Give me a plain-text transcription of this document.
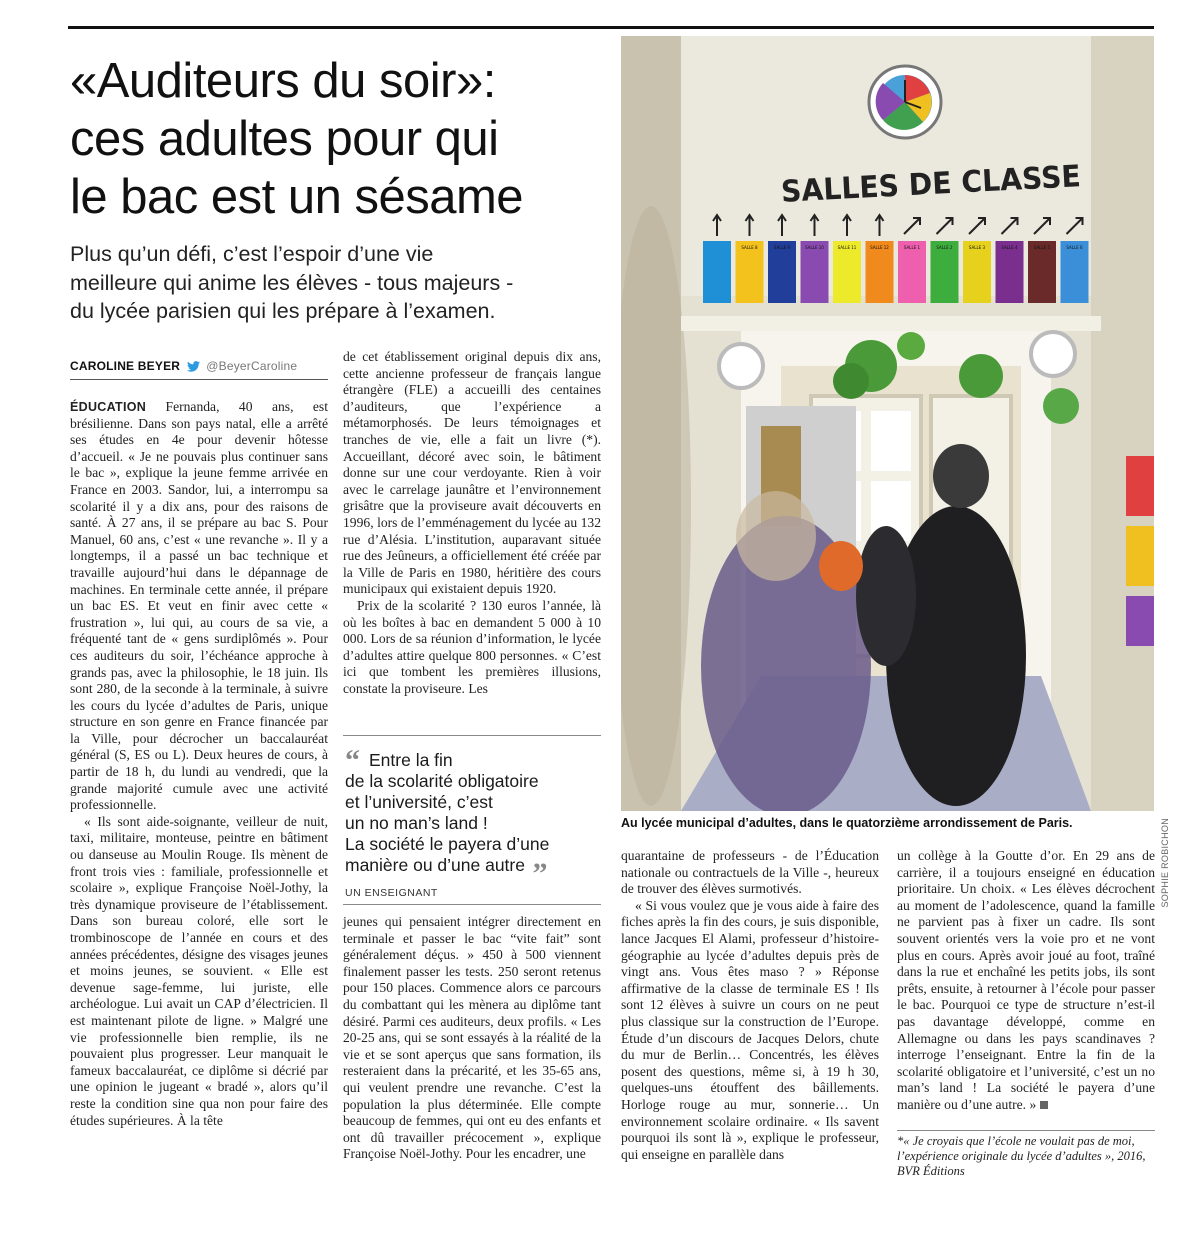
«Auditeurs du soir»:
ces adultes pour qui
le bac est un sésame
Plus qu’un défi, c’est l’espoir d’une vie
meilleure qui anime les élèves - tous majeurs -
du lycée parisien qui les prépare à l’examen.
CAROLINE BEYER @BeyerCaroline

ÉDUCATION Fernanda, 40 ans, est brésilienne. Dans son pays natal, elle a arrêté ses études en 4e pour devenir hôtesse d’accueil. « Je ne pouvais plus continuer sans le bac », explique la jeune femme arrivée en France en 2003. Sandor, lui, a interrompu sa scolarité il y a dix ans, pour des raisons de santé. À 27 ans, il se prépare au bac S. Pour Manuel, 60 ans, c’est « une revanche ». Il y a longtemps, il a passé un bac technique et travaille aujourd’hui dans le dépannage de machines. En terminale cette année, il prépare un bac ES. Et veut en finir avec cette « frustration », lui qui, au cours de sa vie, a fréquenté tant de « gens surdiplômés ». Pour ces auditeurs du soir, l’échéance approche à grands pas, avec la philosophie, le 18 juin. Ils sont 280, de la seconde à la terminale, à suivre les cours du lycée d’adultes de Paris, unique structure en son genre en France financée par la Ville, pour décrocher un baccalauréat général (S, ES ou L). Deux heures de cours, à partir de 18 h, du lundi au vendredi, que la grande majorité cumule avec une activité professionnelle.

« Ils sont aide-soignante, veilleur de nuit, taxi, militaire, monteuse, peintre en bâtiment ou danseuse au Moulin Rouge. Ils mènent de front trois vies : familiale, professionnelle et scolaire », explique Françoise Noël-Jothy, la très dynamique proviseure de l’établissement. Dans son bureau coloré, elle sort le trombinoscope de l’année en cours et des années précédentes, désigne des visages jeunes et moins jeunes, se souvient. « Elle est devenue sage-femme, lui juriste, elle archéologue. Lui avait un CAP d’électricien. Il est maintenant pilote de ligne. » Malgré une vie professionnelle bien remplie, ils ne pouvaient plus progresser. Leur manquait le fameux baccalauréat, ce diplôme si décrié par une opinion le jugeant « bradé », alors qu’il reste la condition sine qua non pour faire des études supérieures. À la tête

de cet établissement original depuis dix ans, cette ancienne professeur de français langue étrangère (FLE) a accueilli des centaines d’auditeurs, que l’expérience a métamorphosés. De leurs témoignages et tranches de vie, elle a fait un livre (*). Accueillant, décoré avec soin, le bâtiment donne sur une cour verdoyante. Rien à voir avec le carrelage jaunâtre et l’environnement grisâtre que la proviseure avait découverts en 1996, lors de l’emménagement du lycée au 132 rue d’Alésia. L’institution, auparavant située rue des Jeûneurs, a officiellement été créée par la Ville de Paris en 1980, héritière des cours municipaux qui existaient depuis 1920.

Prix de la scolarité ? 130 euros l’année, là où les boîtes à bac en demandent 5 000 à 10 000. Lors de sa réunion d’information, le lycée d’adultes attire quelque 800 personnes. « C’est ici que tombent les premières illusions, constate la proviseure. Les

“ Entre la fin
de la scolarité obligatoire
et l’université, c’est
un no man’s land !
La société le payera d’une
manière ou d’une autre ”
UN ENSEIGNANT

jeunes qui pensaient intégrer directement en terminale et passer le bac “vite fait” sont généralement déçus. » 450 à 500 viennent finalement passer les tests. 250 seront retenus pour 150 places. Commence alors ce parcours du combattant qui les mènera au diplôme tant désiré. Parmi ces auditeurs, deux profils. « Les 20-25 ans, qui se sont essayés à la réalité de la vie et se sont aperçus que sans formation, ils resteraient dans la précarité, et les 35-65 ans, qui veulent prendre une revanche. C’est la population la plus déterminée. Elle compte beaucoup de femmes, qui ont eu des enfants et ont dû travailler précocement », explique Françoise Noël-Jothy. Pour les encadrer, une

SALLES DE CLASSE
SALLE 8	SALLE 9	SALLE 10	SALLE 11	SALLE 12	SALLE 1	SALLE 2	SALLE 3	SALLE 4	SALLE 5	SALLE 6
Au lycée municipal d’adultes, dans le quatorzième arrondissement de Paris.	SOPHIE ROBICHON

quarantaine de professeurs - de l’Éducation nationale ou contractuels de la Ville -, heureux de trouver des élèves surmotivés.

« Si vous voulez que je vous aide à faire des fiches après la fin des cours, je suis disponible, lance Jacques El Alami, professeur d’histoire-géographie au lycée d’adultes depuis près de vingt ans. Vous êtes maso ? » Réponse affirmative de la classe de terminale ES ! Ils sont 12 élèves à suivre un cours on ne peut plus classique sur la construction de l’Europe. Étude d’un discours de Jacques Delors, chute du mur de Berlin… Concentrés, les élèves posent des questions, même si, à 19 h 30, quelques-uns étouffent des bâillements. Horloge rouge au mur, sonnerie… Un environnement scolaire ordinaire. « Ils savent pourquoi ils sont là », explique le professeur, qui enseigne en parallèle dans

un collège à la Goutte d’or. En 29 ans de carrière, il a toujours enseigné en éducation prioritaire. Un choix. « Les élèves décrochent au moment de l’adolescence, quand la famille ne parvient pas à fixer un cadre. Ils sont souvent orientés vers la voie pro et ne vont plus en cours. Après avoir joué au foot, traîné dans la rue et enchaîné les petits jobs, ils sont prêts, ensuite, à retourner à l’école pour passer le bac. Pourquoi ce type de structure n’est-il pas davantage développé, comme en Allemagne ou dans les pays scandinaves ? interroge l’enseignant. Entre la fin de la scolarité obligatoire et l’université, c’est un no man’s land ! La société le payera d’une manière ou d’une autre. »

*« Je croyais que l’école ne voulait pas de moi, l’expérience originale du lycée d’adultes », 2016, BVR Éditions
